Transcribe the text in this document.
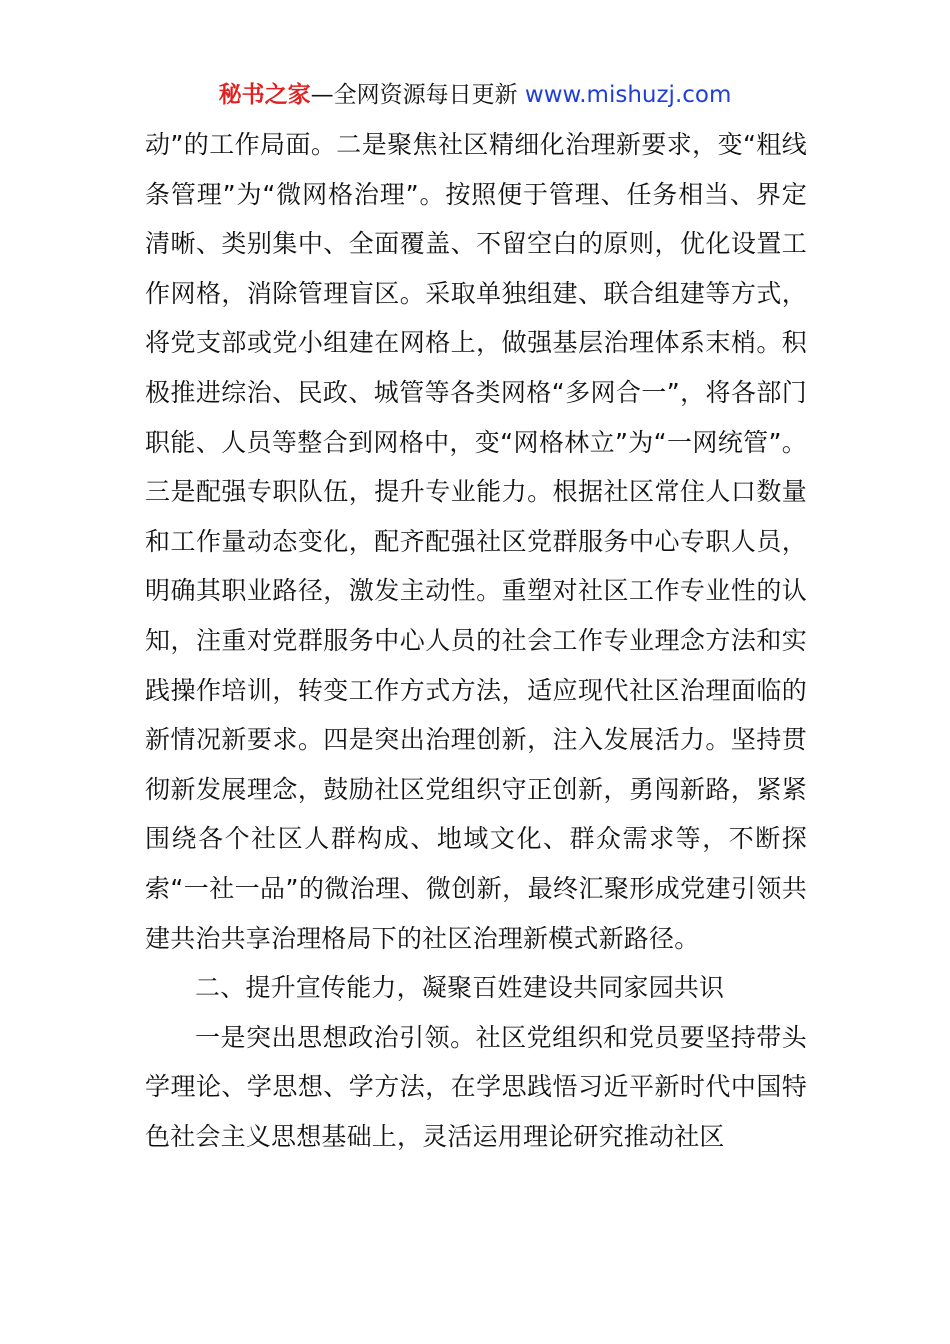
秘书之家—全网资源每日更新 www.mishuzj.com

动”的工作局面。二是聚焦社区精细化治理新要求，变“粗线条管理”为“微网格治理”。按照便于管理、任务相当、界定清晰、类别集中、全面覆盖、不留空白的原则，优化设置工作网格，消除管理盲区。采取单独组建、联合组建等方式，将党支部或党小组建在网格上，做强基层治理体系末梢。积极推进综治、民政、城管等各类网格“多网合一”，将各部门职能、人员等整合到网格中，变“网格林立”为“一网统管”。三是配强专职队伍，提升专业能力。根据社区常住人口数量和工作量动态变化，配齐配强社区党群服务中心专职人员，明确其职业路径，激发主动性。重塑对社区工作专业性的认知，注重对党群服务中心人员的社会工作专业理念方法和实践操作培训，转变工作方式方法，适应现代社区治理面临的新情况新要求。四是突出治理创新，注入发展活力。坚持贯彻新发展理念，鼓励社区党组织守正创新，勇闯新路，紧紧围绕各个社区人群构成、地域文化、群众需求等，不断探索“一社一品”的微治理、微创新，最终汇聚形成党建引领共建共治共享治理格局下的社区治理新模式新路径。

二、提升宣传能力，凝聚百姓建设共同家园共识

一是突出思想政治引领。社区党组织和党员要坚持带头学理论、学思想、学方法，在学思践悟习近平新时代中国特色社会主义思想基础上，灵活运用理论研究推动社区
